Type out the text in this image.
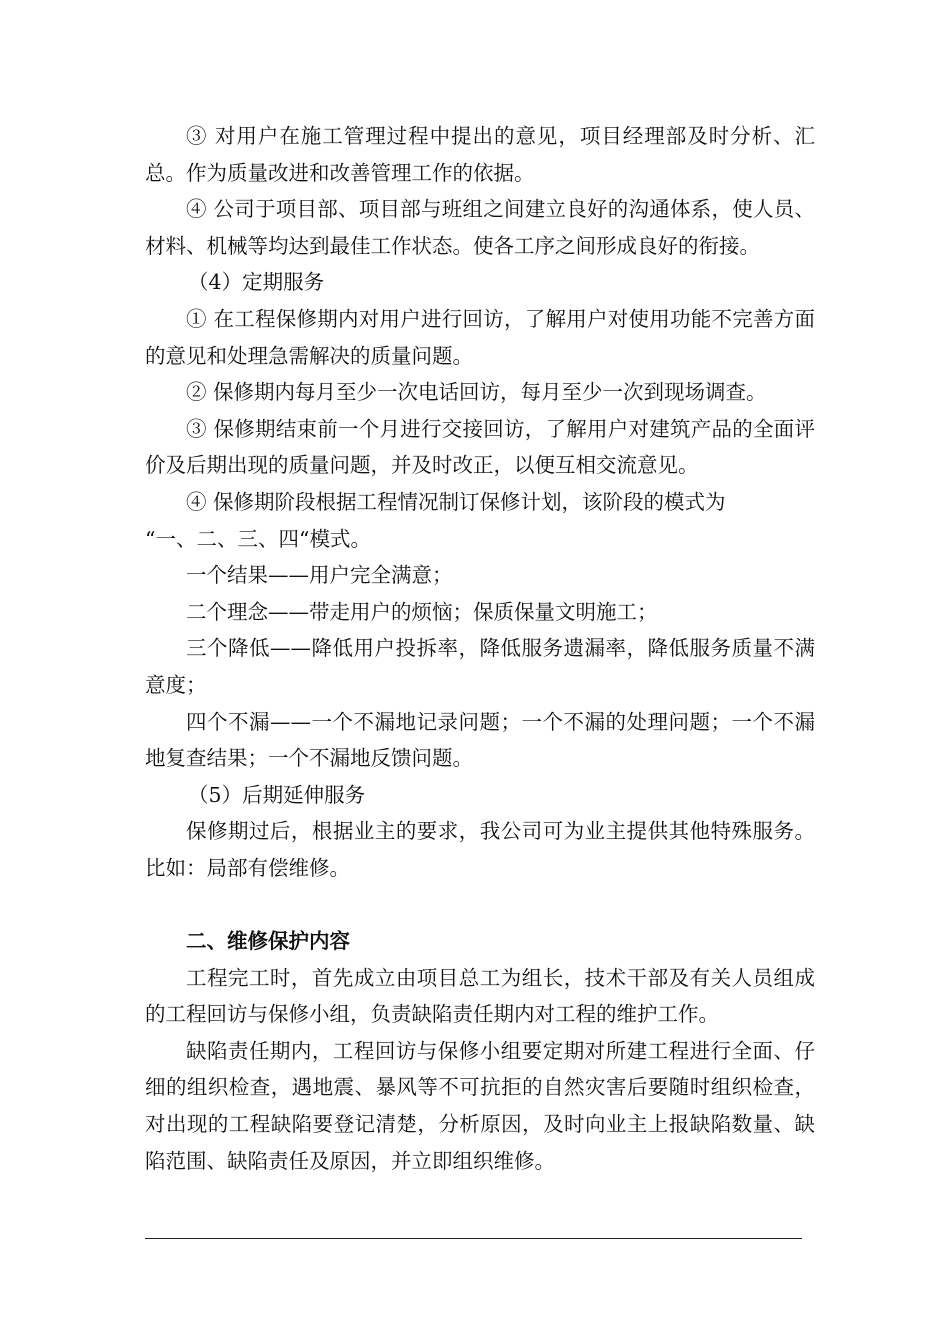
③ 对用户在施工管理过程中提出的意见，项目经理部及时分析、汇总。作为质量改进和改善管理工作的依据。

④ 公司于项目部、项目部与班组之间建立良好的沟通体系，使人员、材料、机械等均达到最佳工作状态。使各工序之间形成良好的衔接。

（4）定期服务

① 在工程保修期内对用户进行回访，了解用户对使用功能不完善方面的意见和处理急需解决的质量问题。

② 保修期内每月至少一次电话回访，每月至少一次到现场调查。

③ 保修期结束前一个月进行交接回访，了解用户对建筑产品的全面评价及后期出现的质量问题，并及时改正，以便互相交流意见。

④ 保修期阶段根据工程情况制订保修计划，该阶段的模式为

“一、二、三、四“模式。

一个结果——用户完全满意；

二个理念——带走用户的烦恼；保质保量文明施工；

三个降低——降低用户投拆率，降低服务遗漏率，降低服务质量不满意度；

四个不漏——一个不漏地记录问题；一个不漏的处理问题；一个不漏地复查结果；一个不漏地反馈问题。

（5）后期延伸服务

保修期过后，根据业主的要求，我公司可为业主提供其他特殊服务。比如：局部有偿维修。

二、维修保护内容

工程完工时，首先成立由项目总工为组长，技术干部及有关人员组成的工程回访与保修小组，负责缺陷责任期内对工程的维护工作。

缺陷责任期内，工程回访与保修小组要定期对所建工程进行全面、仔细的组织检查，遇地震、暴风等不可抗拒的自然灾害后要随时组织检查，对出现的工程缺陷要登记清楚，分析原因，及时向业主上报缺陷数量、缺陷范围、缺陷责任及原因，并立即组织维修。
